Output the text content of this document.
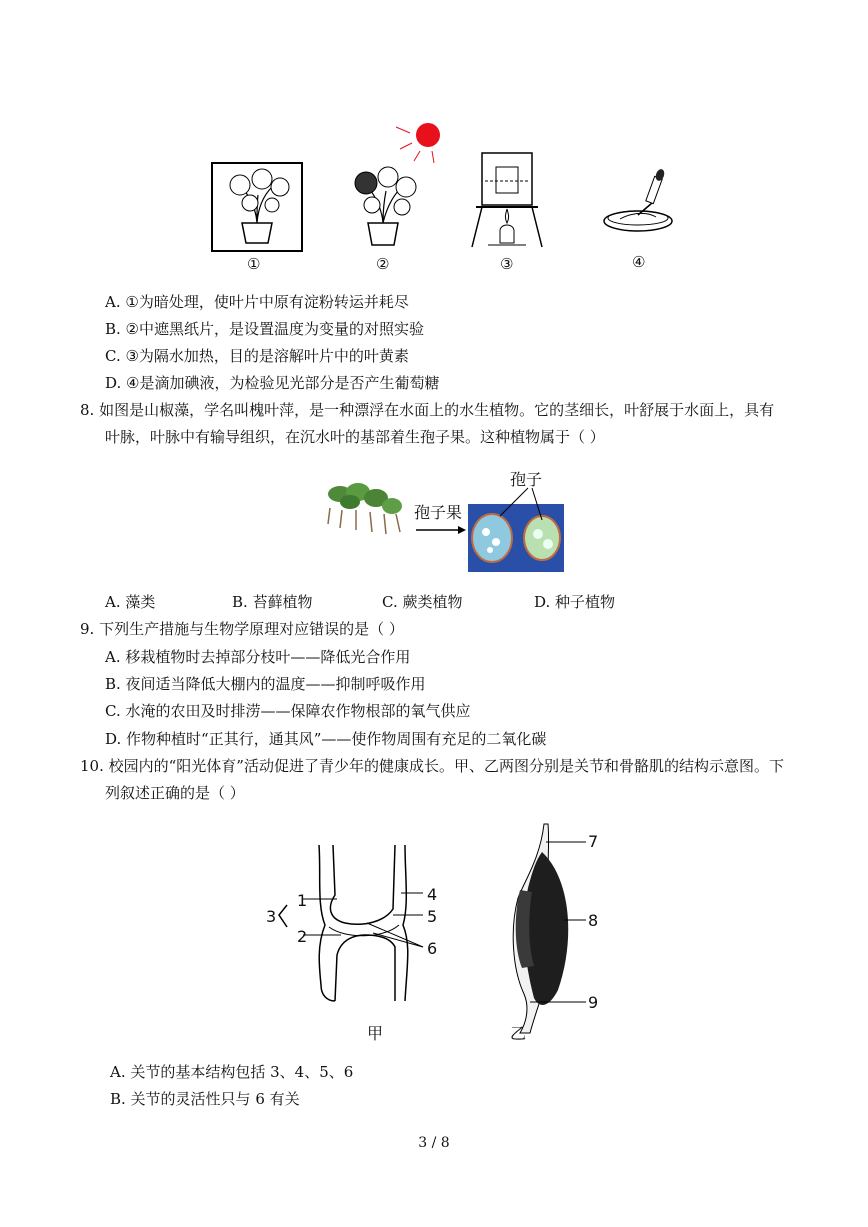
①	②	③	④
A. ①为暗处理，使叶片中原有淀粉转运并耗尽
B. ②中遮黑纸片，是设置温度为变量的对照实验
C. ③为隔水加热，目的是溶解叶片中的叶黄素
D. ④是滴加碘液，为检验见光部分是否产生葡萄糖
8. 如图是山椒藻，学名叫槐叶萍，是一种漂浮在水面上的水生植物。它的茎细长，叶舒展于水面上，具有
叶脉，叶脉中有输导组织，在沉水叶的基部着生孢子果。这种植物属于（ ）
孢子
孢子果
A. 藻类	B. 苔藓植物	C. 蕨类植物	D. 种子植物
9. 下列生产措施与生物学原理对应错误的是（ ）
A. 移栽植物时去掉部分枝叶——降低光合作用
B. 夜间适当降低大棚内的温度——抑制呼吸作用
C. 水淹的农田及时排涝——保障农作物根部的氧气供应
D. 作物种植时“正其行，通其风”——使作物周围有充足的二氧化碳
10. 校园内的“阳光体育”活动促进了青少年的健康成长。甲、乙两图分别是关节和骨骼肌的结构示意图。下
列叙述正确的是（ ）
1
2
3
4
5
6
甲
7
8
9
乙
A. 关节的基本结构包括 3、4、5、6
B. 关节的灵活性只与 6 有关
3 / 8
